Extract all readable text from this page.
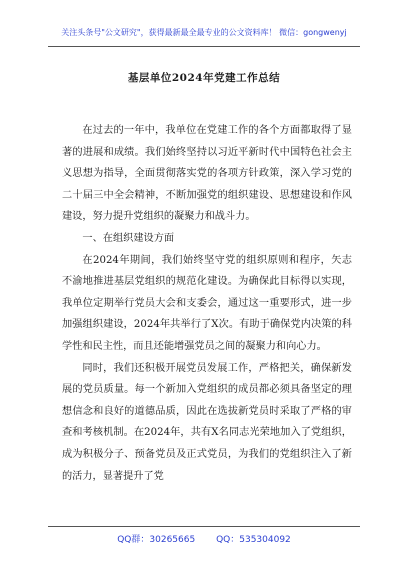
关注头条号"公文研究"，获得最新最全最专业的公文资料库！ 微信：gongwenyj
基层单位2024年党建工作总结

在过去的一年中，我单位在党建工作的各个方面都取得了显著的进展和成绩。我们始终坚持以习近平新时代中国特色社会主义思想为指导，全面贯彻落实党的各项方针政策，深入学习党的二十届三中全会精神，不断加强党的组织建设、思想建设和作风建设，努力提升党组织的凝聚力和战斗力。

一、在组织建设方面

在2024年期间，我们始终坚守党的组织原则和程序，矢志不渝地推进基层党组织的规范化建设。为确保此目标得以实现，我单位定期举行党员大会和支委会，通过这一重要形式，进一步加强组织建设，2024年共举行了X次。有助于确保党内决策的科学性和民主性，而且还能增强党员之间的凝聚力和向心力。

同时，我们还积极开展党员发展工作，严格把关，确保新发展的党员质量。每一个新加入党组织的成员都必须具备坚定的理想信念和良好的道德品质，因此在选拔新党员时采取了严格的审查和考核机制。在2024年，共有X名同志光荣地加入了党组织，成为积极分子、预备党员及正式党员，为我们的党组织注入了新的活力，显著提升了党

QQ群：30265665 QQ：535304092
